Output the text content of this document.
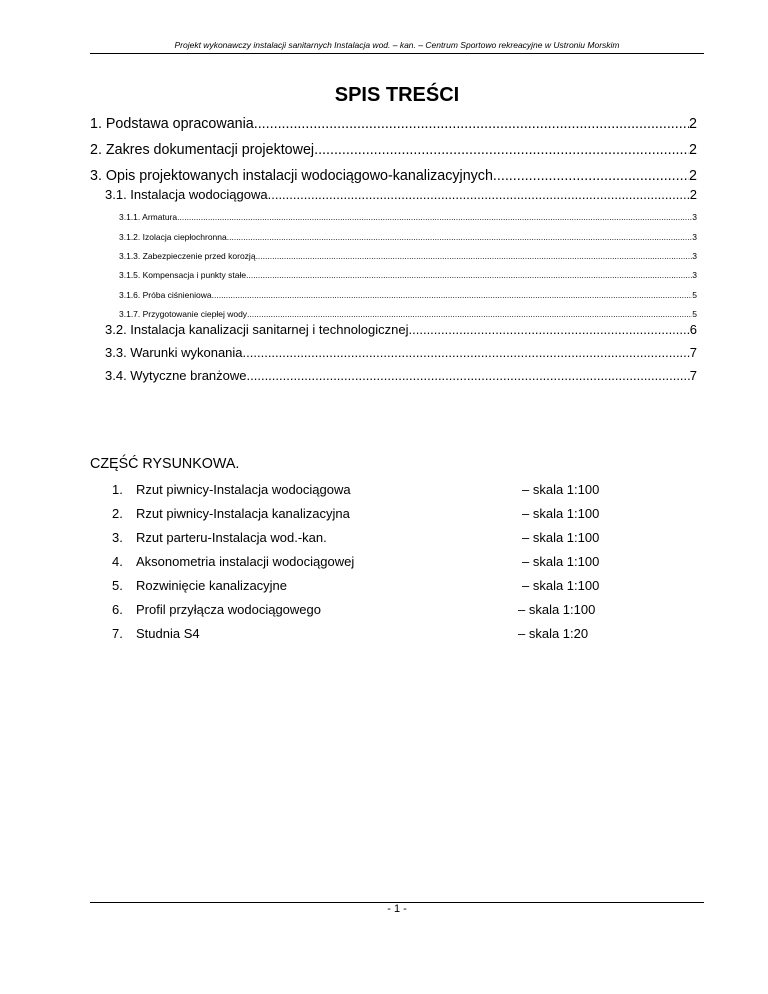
Projekt wykonawczy instalacji sanitarnych Instalacja wod. – kan. – Centrum Sportowo rekreacyjne w Ustroniu Morskim
SPIS TREŚCI
1. Podstawa opracowania .....	2
2. Zakres dokumentacji projektowej .....	2
3. Opis projektowanych instalacji wodociągowo-kanalizacyjnych .....	2
3.1. Instalacja wodociągowa .....	2
3.1.1. Armatura .....	3
3.1.2. Izolacja ciepłochronna .....	3
3.1.3. Zabezpieczenie przed korozją .....	3
3.1.5. Kompensacja i punkty stałe .....	3
3.1.6. Próba ciśnieniowa .....	5
3.1.7. Przygotowanie ciepłej wody .....	5
3.2. Instalacja kanalizacji sanitarnej i technologicznej .....	6
3.3. Warunki wykonania .....	7
3.4. Wytyczne branżowe .....	7
CZĘŚĆ RYSUNKOWA.
1. Rzut piwnicy-Instalacja wodociągowa	– skala 1:100
2. Rzut piwnicy-Instalacja kanalizacyjna	– skala 1:100
3. Rzut parteru-Instalacja wod.-kan.	– skala 1:100
4. Aksonometria instalacji wodociągowej	– skala 1:100
5. Rozwinięcie kanalizacyjne	– skala 1:100
6. Profil przyłącza wodociągowego	– skala 1:100
7. Studnia S4	– skala 1:20
- 1 -
